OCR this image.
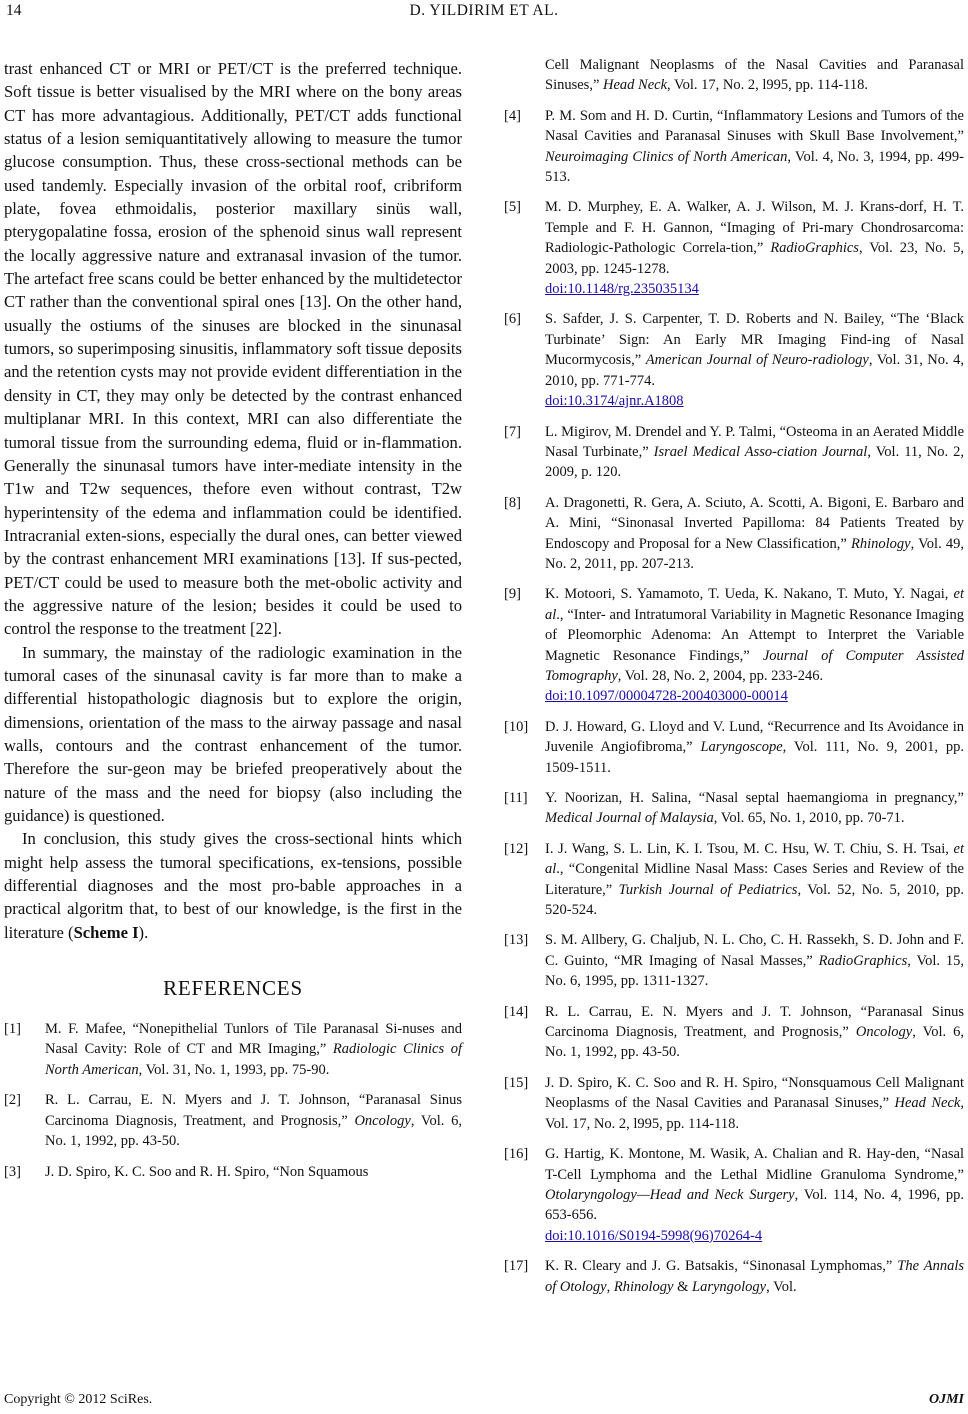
14	D. YILDIRIM ET AL.

trast enhanced CT or MRI or PET/CT is the preferred technique. Soft tissue is better visualised by the MRI where on the bony areas CT has more advantagious. Additionally, PET/CT adds functional status of a lesion semiquantitatively allowing to measure the tumor glucose consumption. Thus, these cross-sectional methods can be used tandemly. Especially invasion of the orbital roof, cribriform plate, fovea ethmoidalis, posterior maxillary sinüs wall, pterygopalatine fossa, erosion of the sphenoid sinus wall represent the locally aggressive nature and extranasal invasion of the tumor. The artefact free scans could be better enhanced by the multidetector CT rather than the conventional spiral ones [13]. On the other hand, usually the ostiums of the sinuses are blocked in the sinunasal tumors, so superimposing sinusitis, inflammatory soft tissue deposits and the retention cysts may not provide evident differentiation in the density in CT, they may only be detected by the contrast enhanced multiplanar MRI. In this context, MRI can also differentiate the tumoral tissue from the surrounding edema, fluid or in-flammation. Generally the sinunasal tumors have inter-mediate intensity in the T1w and T2w sequences, thefore even without contrast, T2w hyperintensity of the edema and inflammation could be identified. Intracranial exten-sions, especially the dural ones, can better viewed by the contrast enhancement MRI examinations [13]. If sus-pected, PET/CT could be used to measure both the met-obolic activity and the aggressive nature of the lesion; besides it could be used to control the response to the treatment [22].

In summary, the mainstay of the radiologic examination in the tumoral cases of the sinunasal cavity is far more than to make a differential histopathologic diagnosis but to explore the origin, dimensions, orientation of the mass to the airway passage and nasal walls, contours and the contrast enhancement of the tumor. Therefore the sur-geon may be briefed preoperatively about the nature of the mass and the need for biopsy (also including the guidance) is questioned.

In conclusion, this study gives the cross-sectional hints which might help assess the tumoral specifications, ex-tensions, possible differential diagnoses and the most pro-bable approaches in a practical algoritm that, to best of our knowledge, is the first in the literature (Scheme I).

REFERENCES
[1] M. F. Mafee, “Nonepithelial Tunlors of Tile Paranasal Si-nuses and Nasal Cavity: Role of CT and MR Imaging,” Radiologic Clinics of North American, Vol. 31, No. 1, 1993, pp. 75-90.
[2] R. L. Carrau, E. N. Myers and J. T. Johnson, “Paranasal Sinus Carcinoma Diagnosis, Treatment, and Prognosis,” Oncology, Vol. 6, No. 1, 1992, pp. 43-50.
[3] J. D. Spiro, K. C. Soo and R. H. Spiro, “Non Squamous
Cell Malignant Neoplasms of the Nasal Cavities and Paranasal Sinuses,” Head Neck, Vol. 17, No. 2, l995, pp. 114-118.
[4] P. M. Som and H. D. Curtin, “Inflammatory Lesions and Tumors of the Nasal Cavities and Paranasal Sinuses with Skull Base Involvement,” Neuroimaging Clinics of North American, Vol. 4, No. 3, 1994, pp. 499-513.
[5] M. D. Murphey, E. A. Walker, A. J. Wilson, M. J. Krans-dorf, H. T. Temple and F. H. Gannon, “Imaging of Pri-mary Chondrosarcoma: Radiologic-Pathologic Correla-tion,” RadioGraphics, Vol. 23, No. 5, 2003, pp. 1245-1278.
doi:10.1148/rg.235035134
[6] S. Safder, J. S. Carpenter, T. D. Roberts and N. Bailey, “The ‘Black Turbinate’ Sign: An Early MR Imaging Find-ing of Nasal Mucormycosis,” American Journal of Neuro-radiology, Vol. 31, No. 4, 2010, pp. 771-774.
doi:10.3174/ajnr.A1808
[7] L. Migirov, M. Drendel and Y. P. Talmi, “Osteoma in an Aerated Middle Nasal Turbinate,” Israel Medical Asso-ciation Journal, Vol. 11, No. 2, 2009, p. 120.
[8] A. Dragonetti, R. Gera, A. Sciuto, A. Scotti, A. Bigoni, E. Barbaro and A. Mini, “Sinonasal Inverted Papilloma: 84 Patients Treated by Endoscopy and Proposal for a New Classification,” Rhinology, Vol. 49, No. 2, 2011, pp. 207-213.
[9] K. Motoori, S. Yamamoto, T. Ueda, K. Nakano, T. Muto, Y. Nagai, et al., “Inter- and Intratumoral Variability in Magnetic Resonance Imaging of Pleomorphic Adenoma: An Attempt to Interpret the Variable Magnetic Resonance Findings,” Journal of Computer Assisted Tomography, Vol. 28, No. 2, 2004, pp. 233-246.
doi:10.1097/00004728-200403000-00014
[10] D. J. Howard, G. Lloyd and V. Lund, “Recurrence and Its Avoidance in Juvenile Angiofibroma,” Laryngoscope, Vol. 111, No. 9, 2001, pp. 1509-1511.
[11] Y. Noorizan, H. Salina, “Nasal septal haemangioma in pregnancy,” Medical Journal of Malaysia, Vol. 65, No. 1, 2010, pp. 70-71.
[12] I. J. Wang, S. L. Lin, K. I. Tsou, M. C. Hsu, W. T. Chiu, S. H. Tsai, et al., “Congenital Midline Nasal Mass: Cases Series and Review of the Literature,” Turkish Journal of Pediatrics, Vol. 52, No. 5, 2010, pp. 520-524.
[13] S. M. Allbery, G. Chaljub, N. L. Cho, C. H. Rassekh, S. D. John and F. C. Guinto, “MR Imaging of Nasal Masses,” RadioGraphics, Vol. 15, No. 6, 1995, pp. 1311-1327.
[14] R. L. Carrau, E. N. Myers and J. T. Johnson, “Paranasal Sinus Carcinoma Diagnosis, Treatment, and Prognosis,” Oncology, Vol. 6, No. 1, 1992, pp. 43-50.
[15] J. D. Spiro, K. C. Soo and R. H. Spiro, “Nonsquamous Cell Malignant Neoplasms of the Nasal Cavities and Paranasal Sinuses,” Head Neck, Vol. 17, No. 2, l995, pp. 114-118.
[16] G. Hartig, K. Montone, M. Wasik, A. Chalian and R. Hay-den, “Nasal T-Cell Lymphoma and the Lethal Midline Granuloma Syndrome,” Otolaryngology—Head and Neck Surgery, Vol. 114, No. 4, 1996, pp. 653-656.
doi:10.1016/S0194-5998(96)70264-4
[17] K. R. Cleary and J. G. Batsakis, “Sinonasal Lymphomas,” The Annals of Otology, Rhinology & Laryngology, Vol.
Copyright © 2012 SciRes.	OJMI
